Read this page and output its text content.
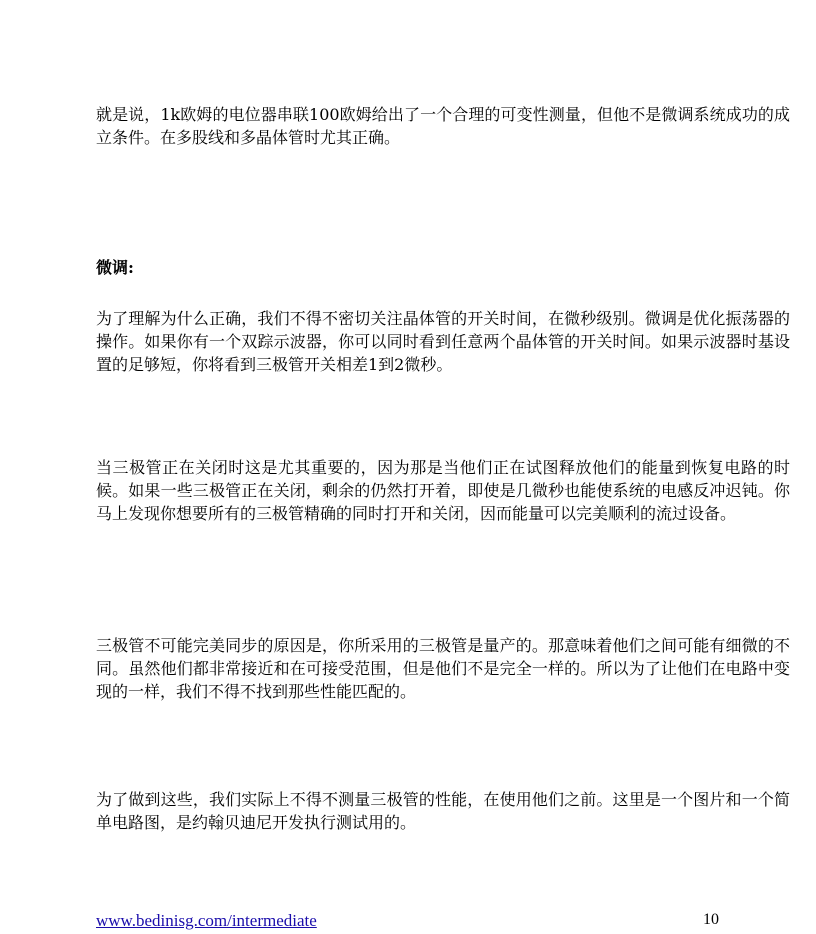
就是说，1k欧姆的电位器串联100欧姆给出了一个合理的可变性测量，但他不是微调系统成功的成立条件。在多股线和多晶体管时尤其正确。

微调:

为了理解为什么正确，我们不得不密切关注晶体管的开关时间，在微秒级别。微调是优化振荡器的操作。如果你有一个双踪示波器，你可以同时看到任意两个晶体管的开关时间。如果示波器时基设置的足够短，你将看到三极管开关相差1到2微秒。

当三极管正在关闭时这是尤其重要的，因为那是当他们正在试图释放他们的能量到恢复电路的时候。如果一些三极管正在关闭，剩余的仍然打开着，即使是几微秒也能使系统的电感反冲迟钝。你马上发现你想要所有的三极管精确的同时打开和关闭，因而能量可以完美顺利的流过设备。

三极管不可能完美同步的原因是，你所采用的三极管是量产的。那意味着他们之间可能有细微的不同。虽然他们都非常接近和在可接受范围，但是他们不是完全一样的。所以为了让他们在电路中变现的一样，我们不得不找到那些性能匹配的。

为了做到这些，我们实际上不得不测量三极管的性能，在使用他们之前。这里是一个图片和一个简单电路图，是约翰贝迪尼开发执行测试用的。

www.bedinisg.com/intermediate	10
